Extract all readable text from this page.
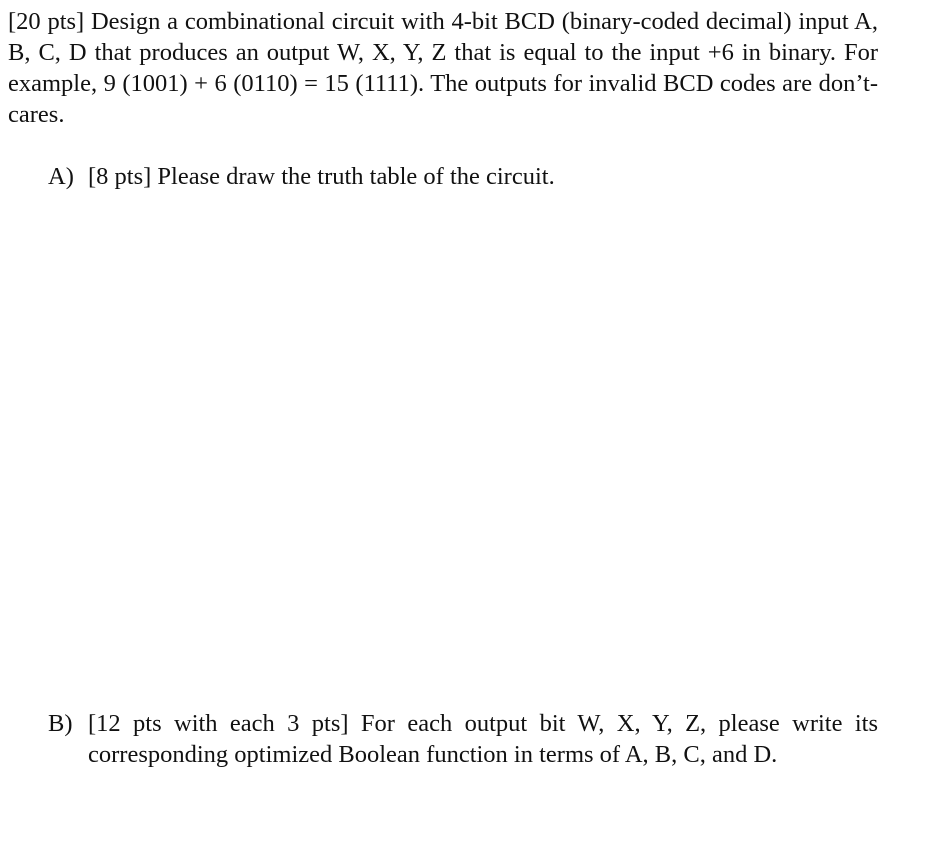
[20 pts] Design a combinational circuit with 4-bit BCD (binary-coded decimal) input A, B, C, D that produces an output W, X, Y, Z that is equal to the input +6 in binary. For example, 9 (1001) + 6 (0110) = 15 (1111). The outputs for invalid BCD codes are don’t-cares.

A) [8 pts] Please draw the truth table of the circuit.
B) [12 pts with each 3 pts] For each output bit W, X, Y, Z, please write its corresponding optimized Boolean function in terms of A, B, C, and D.
